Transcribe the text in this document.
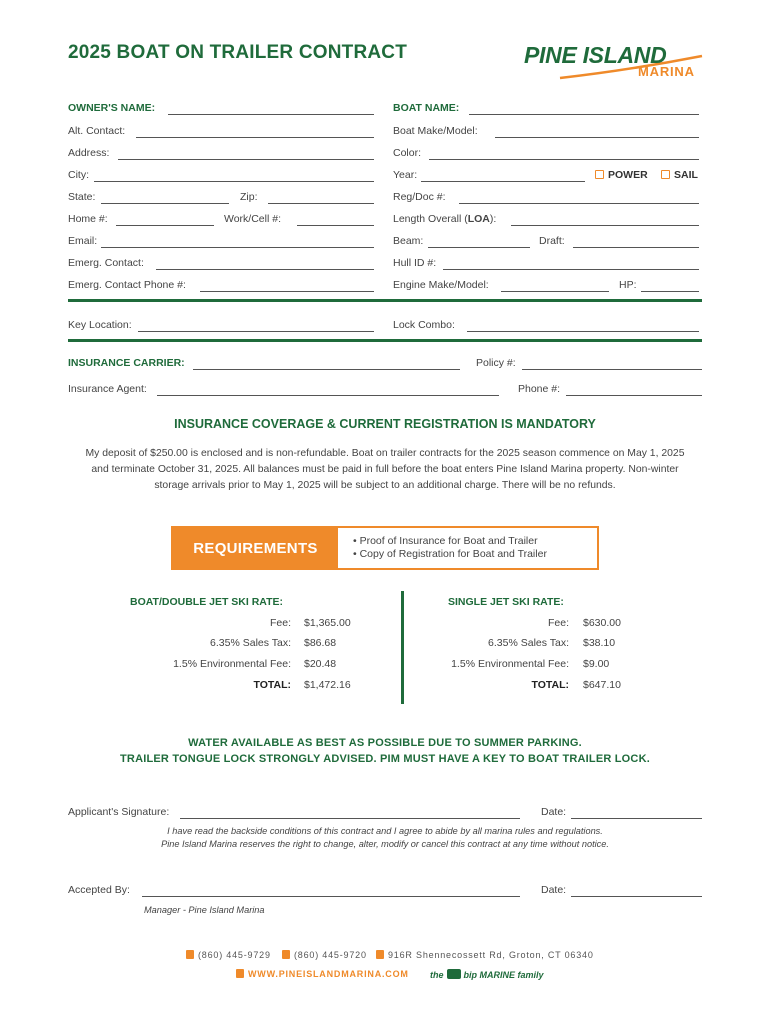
2025 BOAT ON TRAILER CONTRACT	PINE ISLAND
MARINA
OWNER'S NAME:
Alt. Contact:
Address:
City:
State:	Zip:
Home #:	Work/Cell #:
Email:
Emerg. Contact:
Emerg. Contact Phone #:
BOAT NAME:
Boat Make/Model:
Color:
Year:	POWER	SAIL
Reg/Doc #:
Length Overall (LOA):
Beam:	Draft:
Hull ID #:
Engine Make/Model:	HP:
Key Location:	Lock Combo:
INSURANCE CARRIER:	Policy #:
Insurance Agent:	Phone #:
INSURANCE COVERAGE & CURRENT REGISTRATION IS MANDATORY
My deposit of $250.00 is enclosed and is non-refundable. Boat on trailer contracts for the 2025 season commence on May 1, 2025
and terminate October 31, 2025. All balances must be paid in full before the boat enters Pine Island Marina property. Non-winter
storage arrivals prior to May 1, 2025 will be subject to an additional charge. There will be no refunds.
REQUIREMENTS	• Proof of Insurance for Boat and Trailer
• Copy of Registration for Boat and Trailer
BOAT/DOUBLE JET SKI RATE:
Fee: $1,365.00
6.35% Sales Tax: $86.68
1.5% Environmental Fee: $20.48
TOTAL: $1,472.16
SINGLE JET SKI RATE:
Fee: $630.00
6.35% Sales Tax: $38.10
1.5% Environmental Fee: $9.00
TOTAL: $647.10
WATER AVAILABLE AS BEST AS POSSIBLE DUE TO SUMMER PARKING.
TRAILER TONGUE LOCK STRONGLY ADVISED. PIM MUST HAVE A KEY TO BOAT TRAILER LOCK.
Applicant's Signature:	Date:
I have read the backside conditions of this contract and I agree to abide by all marina rules and regulations.
Pine Island Marina reserves the right to change, alter, modify or cancel this contract at any time without notice.
Accepted By:	Date:
Manager - Pine Island Marina
(860) 445-9729	(860) 445-9720	916R Shennecossett Rd, Groton, CT 06340
WWW.PINEISLANDMARINA.COM the bip MARINE family
